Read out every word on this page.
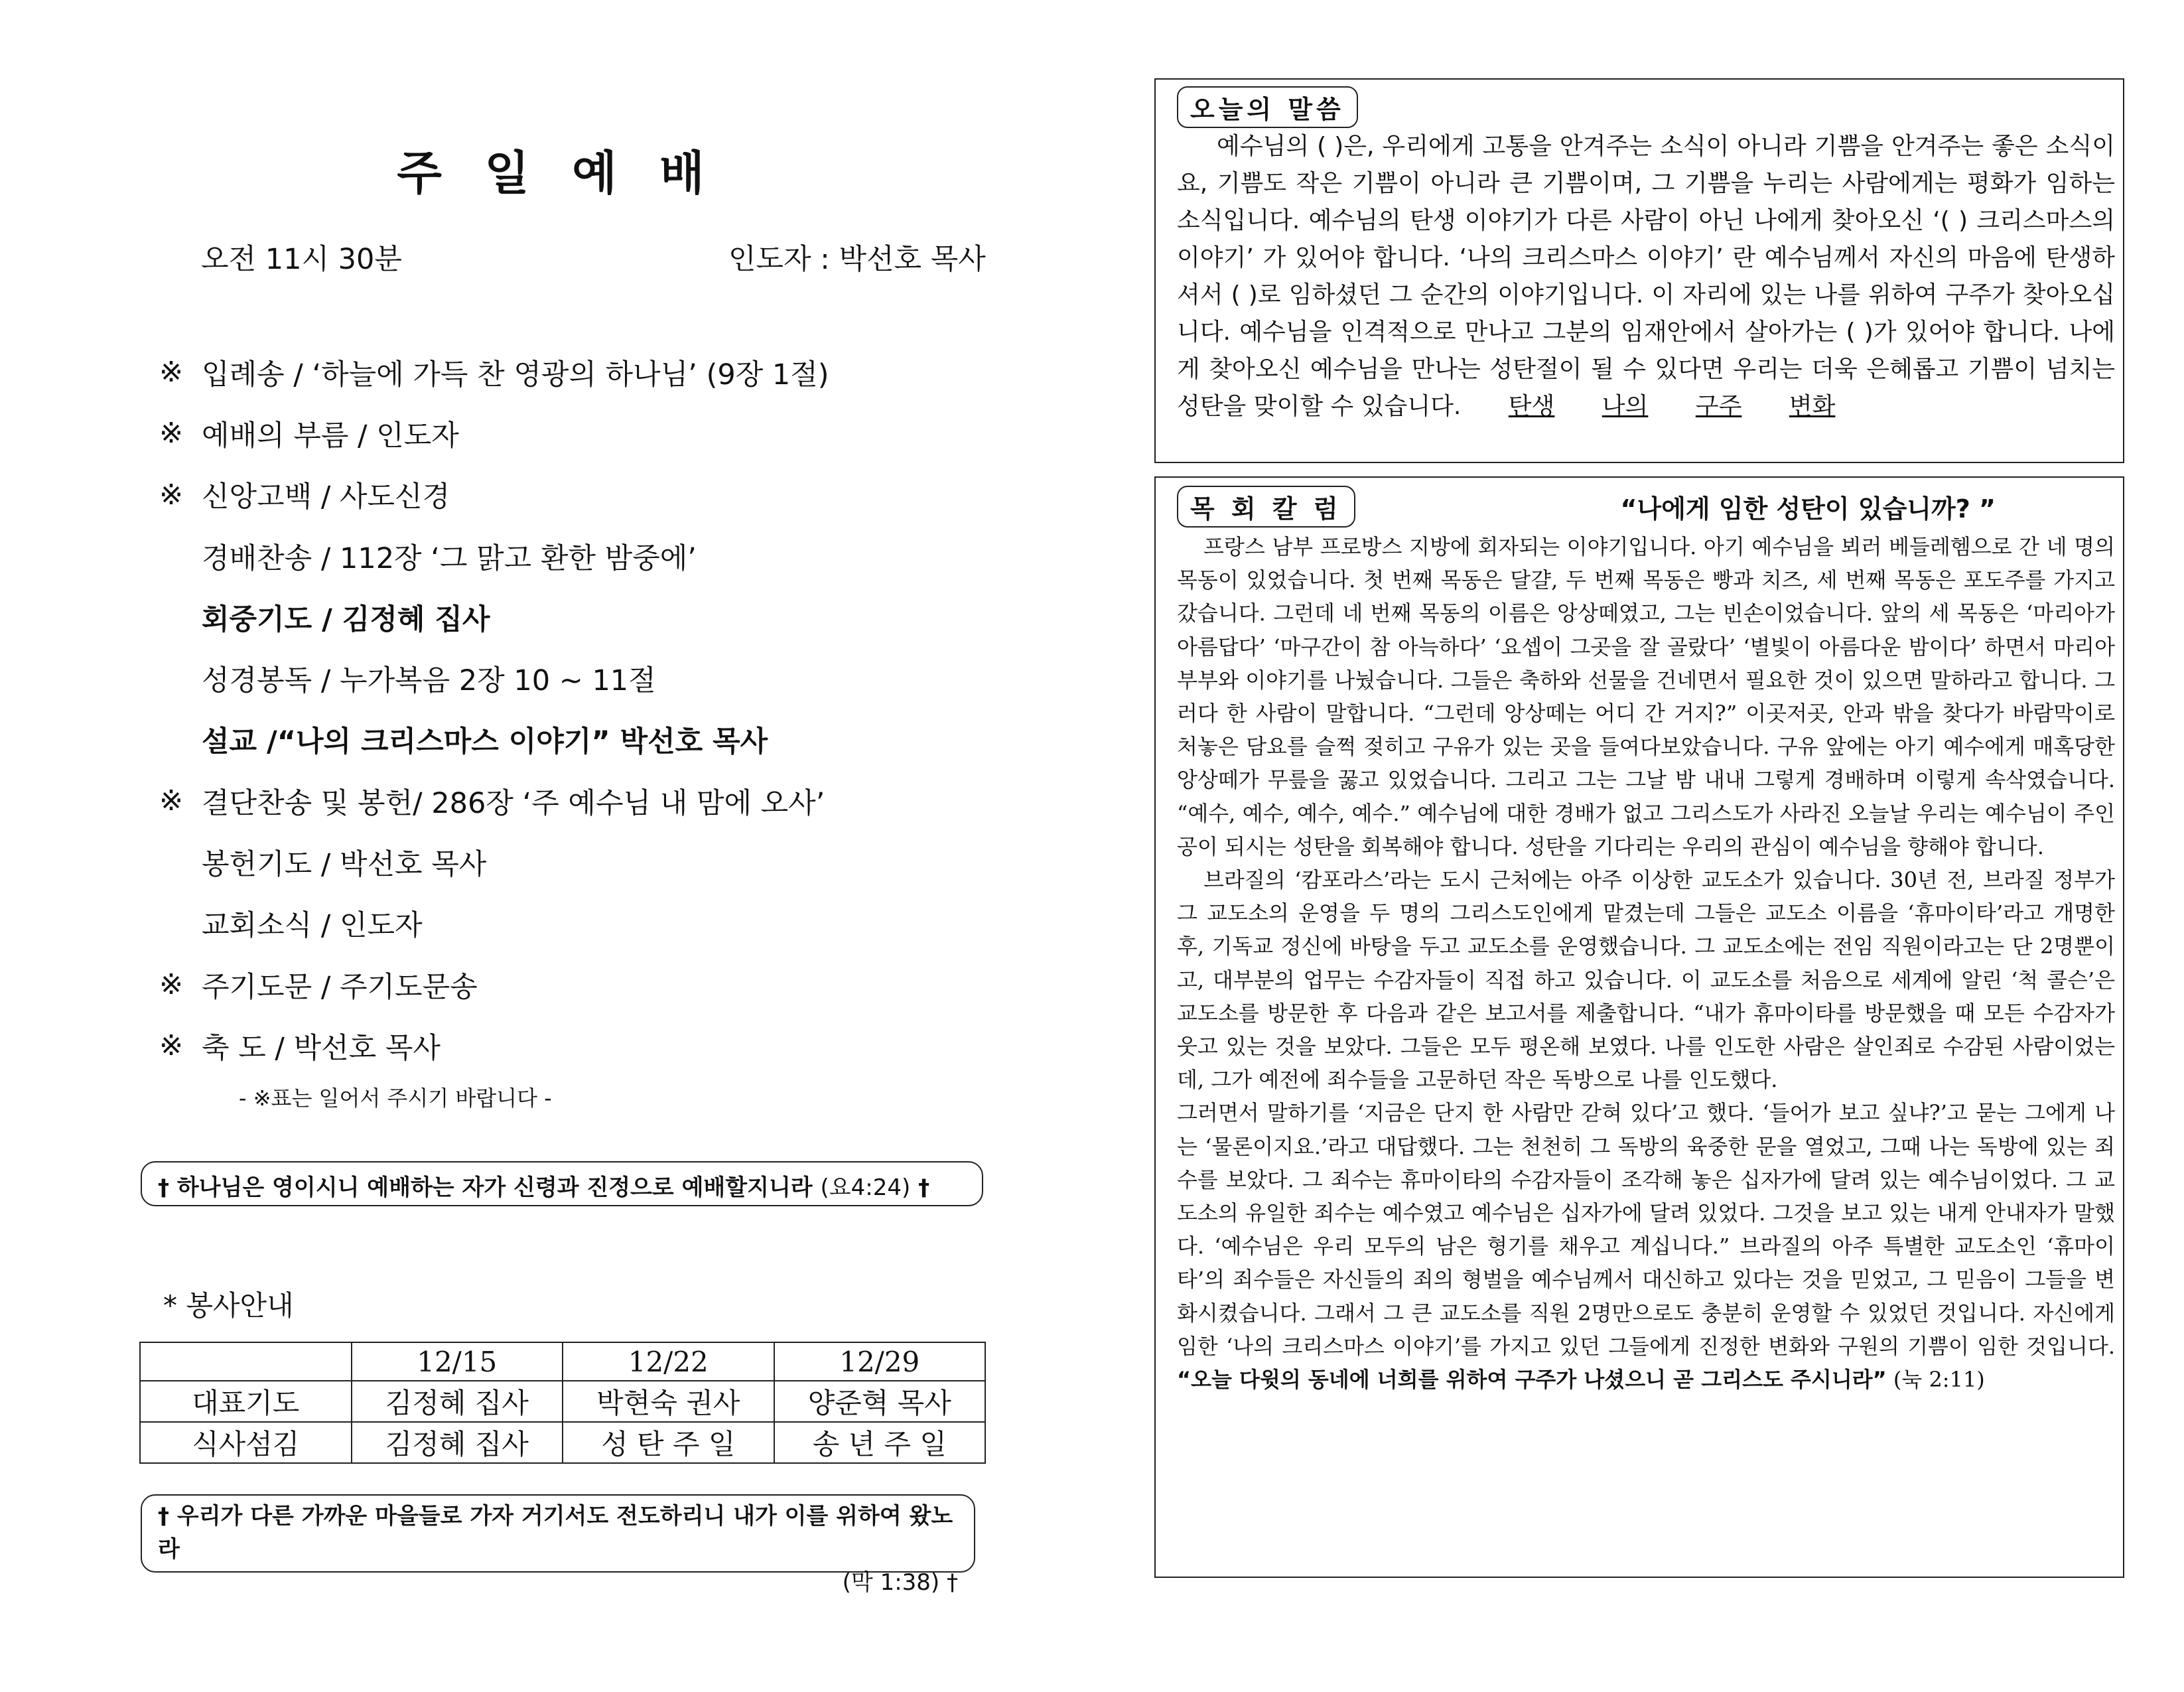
주 일 예 배
오전 11시 30분	인도자 : 박선호 목사
※ 입례송 / ‘하늘에 가득 찬 영광의 하나님’ (9장 1절)
※ 예배의 부름 / 인도자
※ 신앙고백 / 사도신경
경배찬송 / 112장 ‘그 맑고 환한 밤중에’
회중기도 / 김정혜 집사
성경봉독 / 누가복음 2장 10 ~ 11절
설교 /“나의 크리스마스 이야기” 박선호 목사
※ 결단찬송 및 봉헌/ 286장 ‘주 예수님 내 맘에 오사’
봉헌기도 / 박선호 목사
교회소식 / 인도자
※ 주기도문 / 주기도문송
※ 축 도 / 박선호 목사
- ※표는 일어서 주시기 바랍니다 -
† 하나님은 영이시니 예배하는 자가 신령과 진정으로 예배할지니라 (요4:24) †
* 봉사안내
	12/15	12/22	12/29
대표기도	김정혜 집사	박현숙 권사	양준혁 목사
식사섬김	김정혜 집사	성 탄 주 일	송 년 주 일
† 우리가 다른 가까운 마을들로 가자 거기서도 전도하리니 내가 이를 위하여 왔노라
(막 1:38) †
오늘의 말씀
예수님의 ( )은, 우리에게 고통을 안겨주는 소식이 아니라 기쁨을 안겨주는 좋은 소식이요, 기쁨도 작은 기쁨이 아니라 큰 기쁨이며, 그 기쁨을 누리는 사람에게는 평화가 임하는 소식입니다. 예수님의 탄생 이야기가 다른 사람이 아닌 나에게 찾아오신 ‘( ) 크리스마스의 이야기’ 가 있어야 합니다. ‘나의 크리스마스 이야기’ 란 예수님께서 자신의 마음에 탄생하셔서 ( )로 임하셨던 그 순간의 이야기입니다. 이 자리에 있는 나를 위하여 구주가 찾아오십니다. 예수님을 인격적으로 만나고 그분의 임재안에서 살아가는 ( )가 있어야 합니다. 나에게 찾아오신 예수님을 만나는 성탄절이 될 수 있다면 우리는 더욱 은혜롭고 기쁨이 넘치는 성탄을 맞이할 수 있습니다. 탄생 나의 구주 변화
목 회 칼 럼	“나에게 임한 성탄이 있습니까? ”

프랑스 남부 프로방스 지방에 회자되는 이야기입니다. 아기 예수님을 뵈러 베들레헴으로 간 네 명의 목동이 있었습니다. 첫 번째 목동은 달걀, 두 번째 목동은 빵과 치즈, 세 번째 목동은 포도주를 가지고 갔습니다. 그런데 네 번째 목동의 이름은 앙상떼였고, 그는 빈손이었습니다. 앞의 세 목동은 ‘마리아가 아름답다’ ‘마구간이 참 아늑하다’ ‘요셉이 그곳을 잘 골랐다’ ‘별빛이 아름다운 밤이다’ 하면서 마리아 부부와 이야기를 나눴습니다. 그들은 축하와 선물을 건네면서 필요한 것이 있으면 말하라고 합니다. 그러다 한 사람이 말합니다. “그런데 앙상떼는 어디 간 거지?” 이곳저곳, 안과 밖을 찾다가 바람막이로 처놓은 담요를 슬쩍 젖히고 구유가 있는 곳을 들여다보았습니다. 구유 앞에는 아기 예수에게 매혹당한 앙상떼가 무릎을 꿇고 있었습니다. 그리고 그는 그날 밤 내내 그렇게 경배하며 이렇게 속삭였습니다. “예수, 예수, 예수, 예수.” 예수님에 대한 경배가 없고 그리스도가 사라진 오늘날 우리는 예수님이 주인공이 되시는 성탄을 회복해야 합니다. 성탄을 기다리는 우리의 관심이 예수님을 향해야 합니다.

브라질의 ‘캄포라스’라는 도시 근처에는 아주 이상한 교도소가 있습니다. 30년 전, 브라질 정부가 그 교도소의 운영을 두 명의 그리스도인에게 맡겼는데 그들은 교도소 이름을 ‘휴마이타’라고 개명한 후, 기독교 정신에 바탕을 두고 교도소를 운영했습니다. 그 교도소에는 전임 직원이라고는 단 2명뿐이고, 대부분의 업무는 수감자들이 직접 하고 있습니다. 이 교도소를 처음으로 세계에 알린 ‘척 콜슨’은 교도소를 방문한 후 다음과 같은 보고서를 제출합니다. “내가 휴마이타를 방문했을 때 모든 수감자가 웃고 있는 것을 보았다. 그들은 모두 평온해 보였다. 나를 인도한 사람은 살인죄로 수감된 사람이었는데, 그가 예전에 죄수들을 고문하던 작은 독방으로 나를 인도했다.

그러면서 말하기를 ‘지금은 단지 한 사람만 갇혀 있다’고 했다. ‘들어가 보고 싶냐?’고 묻는 그에게 나는 ‘물론이지요.’라고 대답했다. 그는 천천히 그 독방의 육중한 문을 열었고, 그때 나는 독방에 있는 죄수를 보았다. 그 죄수는 휴마이타의 수감자들이 조각해 놓은 십자가에 달려 있는 예수님이었다. 그 교도소의 유일한 죄수는 예수였고 예수님은 십자가에 달려 있었다. 그것을 보고 있는 내게 안내자가 말했다. ‘예수님은 우리 모두의 남은 형기를 채우고 계십니다.” 브라질의 아주 특별한 교도소인 ‘휴마이타’의 죄수들은 자신들의 죄의 형벌을 예수님께서 대신하고 있다는 것을 믿었고, 그 믿음이 그들을 변화시켰습니다. 그래서 그 큰 교도소를 직원 2명만으로도 충분히 운영할 수 있었던 것입니다. 자신에게 임한 ‘나의 크리스마스 이야기’를 가지고 있던 그들에게 진정한 변화와 구원의 기쁨이 임한 것입니다. “오늘 다윗의 동네에 너희를 위하여 구주가 나셨으니 곧 그리스도 주시니라” (눅 2:11)
